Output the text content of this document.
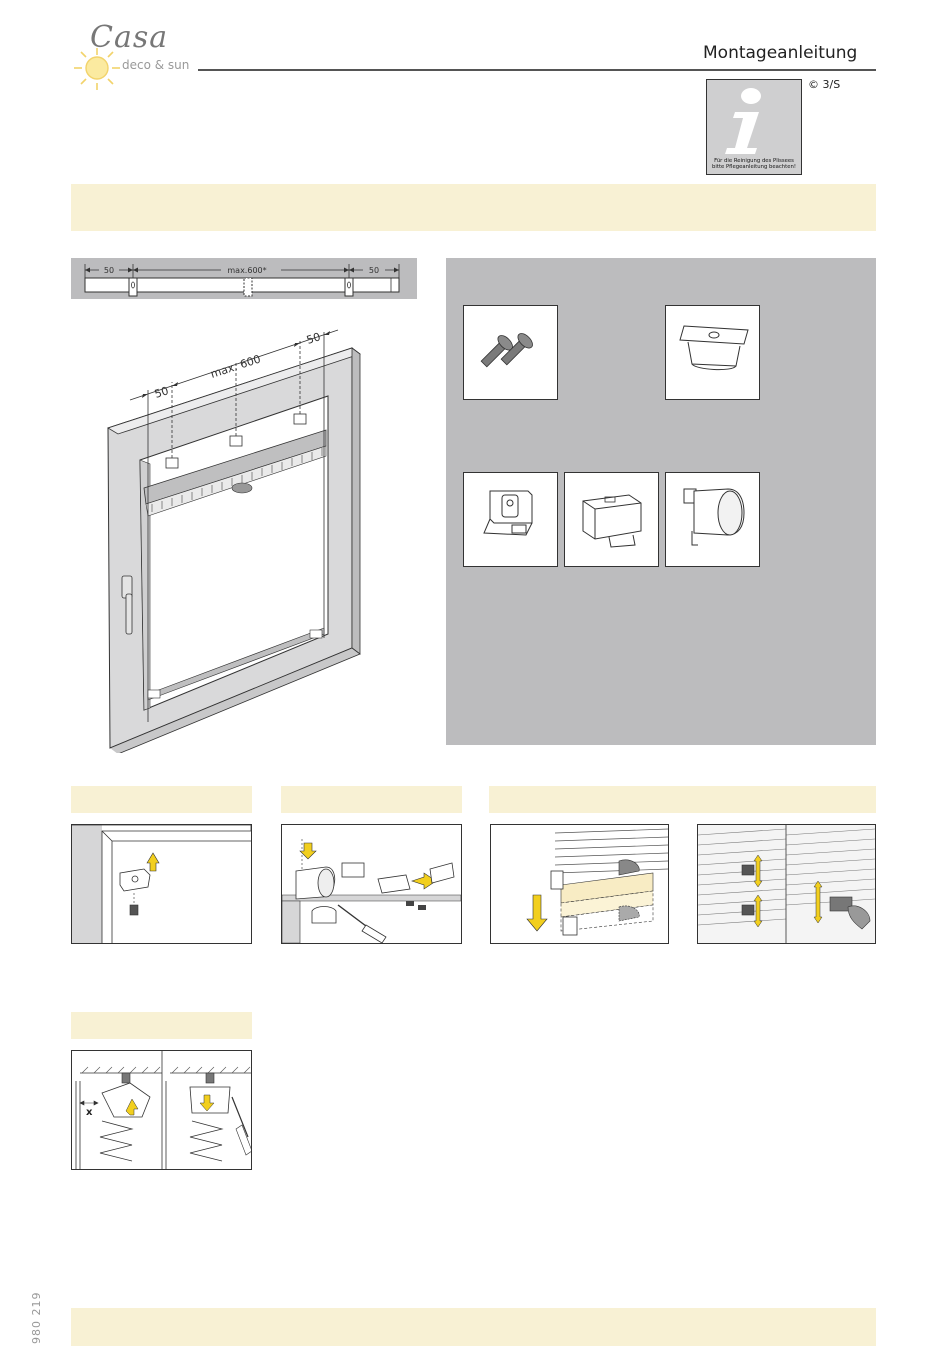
Casa
deco & sun
Montageanleitung
Für die Reinigung des Plissees
bitte Pflegeanleitung beachten!
© 3/S
50	max.600*	50
50
max. 600
50
x
980 219
